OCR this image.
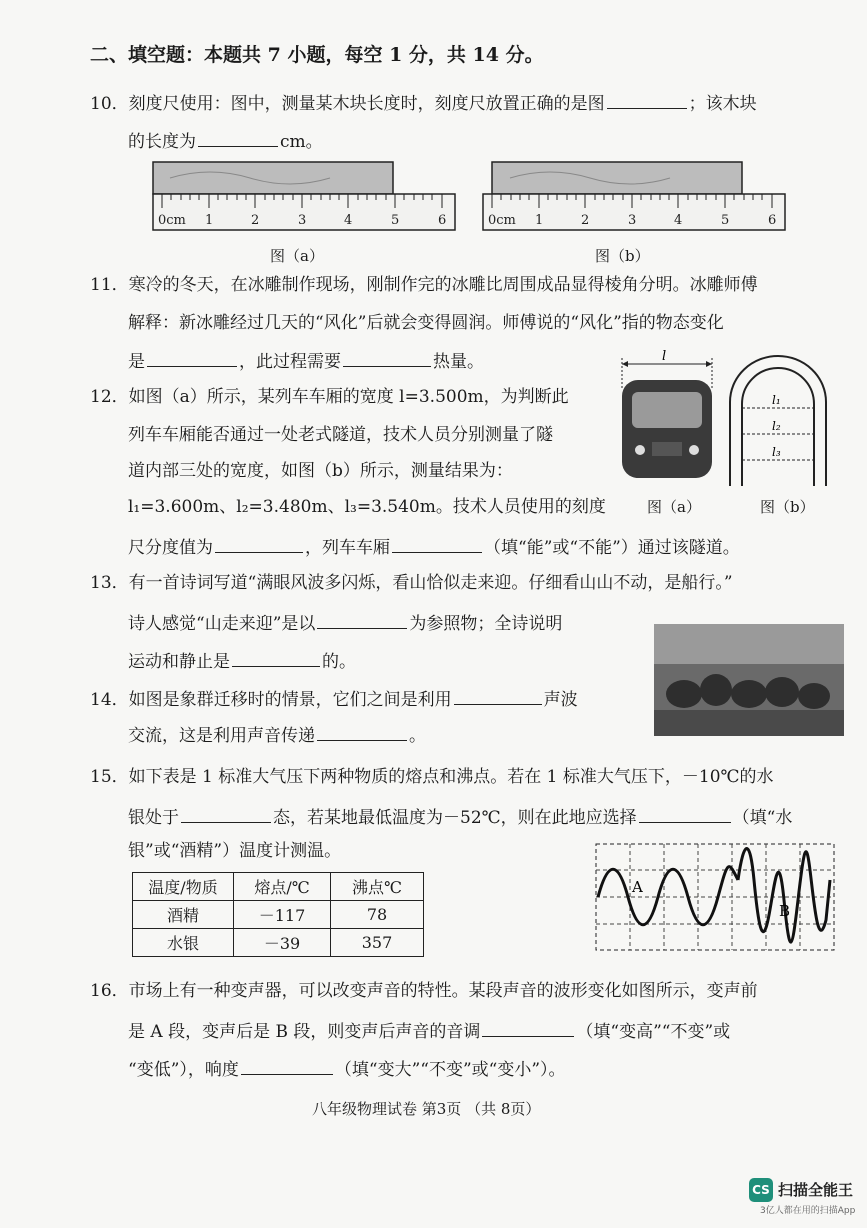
二、填空题：本题共 7 小题，每空 1 分，共 14 分。
10．刻度尺使用：图中，测量某木块长度时，刻度尺放置正确的是图	；该木块
的长度为	cm。
0cm 1	2	3	4	5	6
图（a）
0cm 1	2	3	4	5	6
图（b）
11．寒冷的冬天，在冰雕制作现场，刚制作完的冰雕比周围成品显得棱角分明。冰雕师傅
解释：新冰雕经过几天的“风化”后就会变得圆润。师傅说的“风化”指的物态变化
是	，此过程需要	热量。
12．如图（a）所示，某列车车厢的宽度 l=3.500m，为判断此
列车车厢能否通过一处老式隧道，技术人员分别测量了隧
道内部三处的宽度，如图（b）所示，测量结果为：
l₁=3.600m、l₂=3.480m、l₃=3.540m。技术人员使用的刻度
尺分度值为	，列车车厢	（填“能”或“不能”）通过该隧道。
l
图（a）
l₁
l₂
l₃
图（b）
13．有一首诗词写道“满眼风波多闪烁，看山恰似走来迎。仔细看山山不动，是船行。”
诗人感觉“山走来迎”是以	为参照物；全诗说明
运动和静止是	的。
14．如图是象群迁移时的情景，它们之间是利用	声波
交流，这是利用声音传递	。
15．如下表是 1 标准大气压下两种物质的熔点和沸点。若在 1 标准大气压下，－10℃的水
银处于	态，若某地最低温度为－52℃，则在此地应选择	（填“水
银”或“酒精”）温度计测温。
温度/物质	熔点/℃	沸点℃
酒精	－117	78
水银	－39	357
A
B
16．市场上有一种变声器，可以改变声音的特性。某段声音的波形变化如图所示，变声前
是 A 段，变声后是 B 段，则变声后声音的音调	（填“变高”“不变”或
“变低”），响度	（填“变大”“不变”或“变小”）。
八年级物理试卷 第3页 （共 8页）
CS 扫描全能王
3亿人都在用的扫描App
